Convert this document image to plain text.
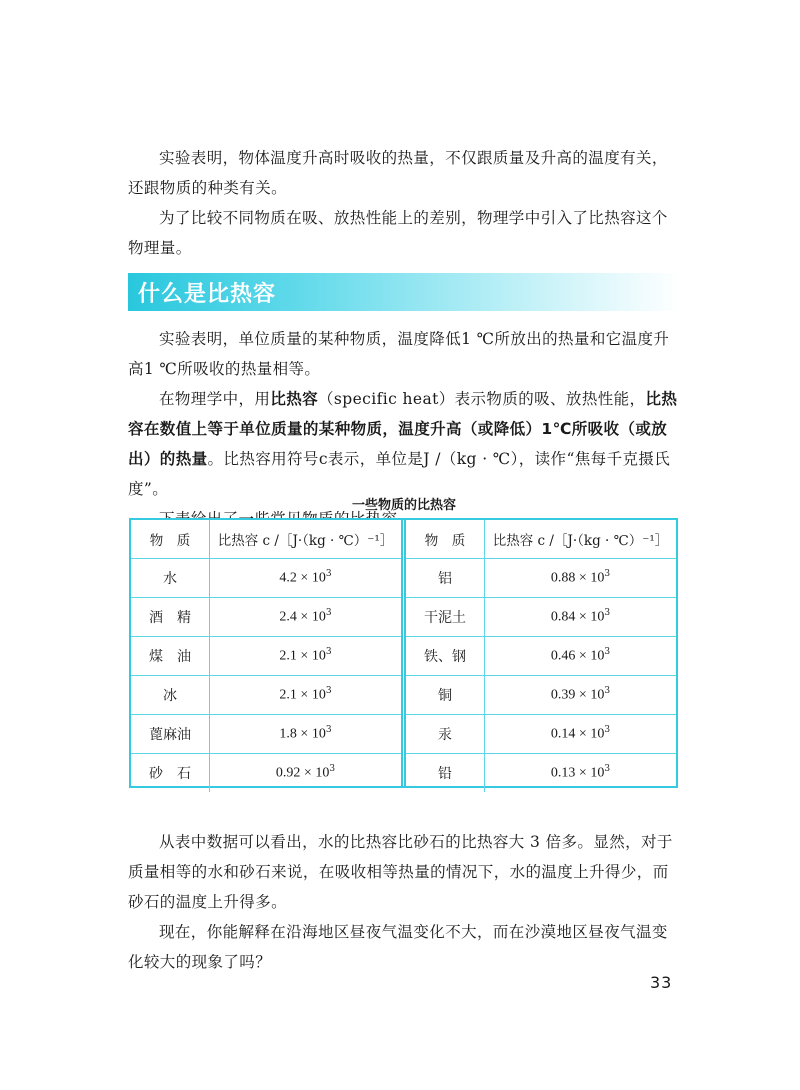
实验表明，物体温度升高时吸收的热量，不仅跟质量及升高的温度有关，
还跟物质的种类有关。

为了比较不同物质在吸、放热性能上的差别，物理学中引入了比热容这个
物理量。

什么是比热容

实验表明，单位质量的某种物质，温度降低1 ℃所放出的热量和它温度升
高1 ℃所吸收的热量相等。

在物理学中，用比热容（specific heat）表示物质的吸、放热性能，比热容在数值上等于单位质量的某种物质，温度升高（或降低）1℃所吸收（或放出）的热量。比热容用符号c表示，单位是J /（kg · ℃），读作“焦每千克摄氏度”。

一些物质的比热容
物　质	比热容 c /［J·（kg · ℃）⁻¹］
水	$4.2 \times 10^3$
酒　精	$2.4 \times 10^3$
煤　油	$2.1 \times 10^3$
冰	$2.1 \times 10^3$
蓖麻油	$1.8 \times 10^3$
砂　石	$0.92 \times 10^3$
物　质	比热容 c /［J·（kg · ℃）⁻¹］
铝	$0.88 \times 10^3$
干泥土	$0.84 \times 10^3$
铁、钢	$0.46 \times 10^3$
铜	$0.39 \times 10^3$
汞	$0.14 \times 10^3$
铅	$0.13 \times 10^3$

从表中数据可以看出，水的比热容比砂石的比热容大 3 倍多。显然，对于
质量相等的水和砂石来说，在吸收相等热量的情况下，水的温度上升得少，而
砂石的温度上升得多。

现在，你能解释在沿海地区昼夜气温变化不大，而在沙漠地区昼夜气温变
化较大的现象了吗？

33
